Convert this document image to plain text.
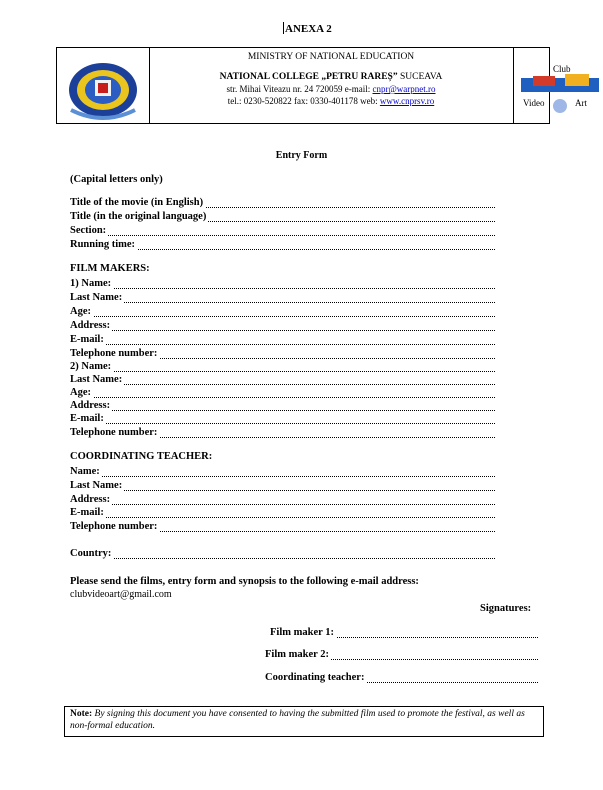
ANEXA 2
MINISTRY OF NATIONAL EDUCATION
NATIONAL COLLEGE „PETRU RAREȘ” SUCEAVA
str. Mihai Viteazu nr. 24 720059 e-mail: cnpr@warpnet.ro
tel.: 0230-520822 fax: 0330-401178 web: www.cnprsv.ro
Club
Video	Art
Entry Form
(Capital letters only)
Title of the movie (in English)
Title (in the original language)
Section:
Running time:
FILM MAKERS:
1) Name:
Last Name:
Age:
Address:
E-mail:
Telephone number:
2) Name:
Last Name:
Age:
Address:
E-mail:
Telephone number:
COORDINATING TEACHER:
Name:
Last Name:
Address:
E-mail:
Telephone number:
Country:
Please send the films, entry form and synopsis to the following e-mail address:
clubvideoart@gmail.com
Signatures:
Film maker 1:
Film maker 2:
Coordinating teacher:
Note: By signing this document you have consented to having the submitted film used to promote the festival, as well as non-formal education.
